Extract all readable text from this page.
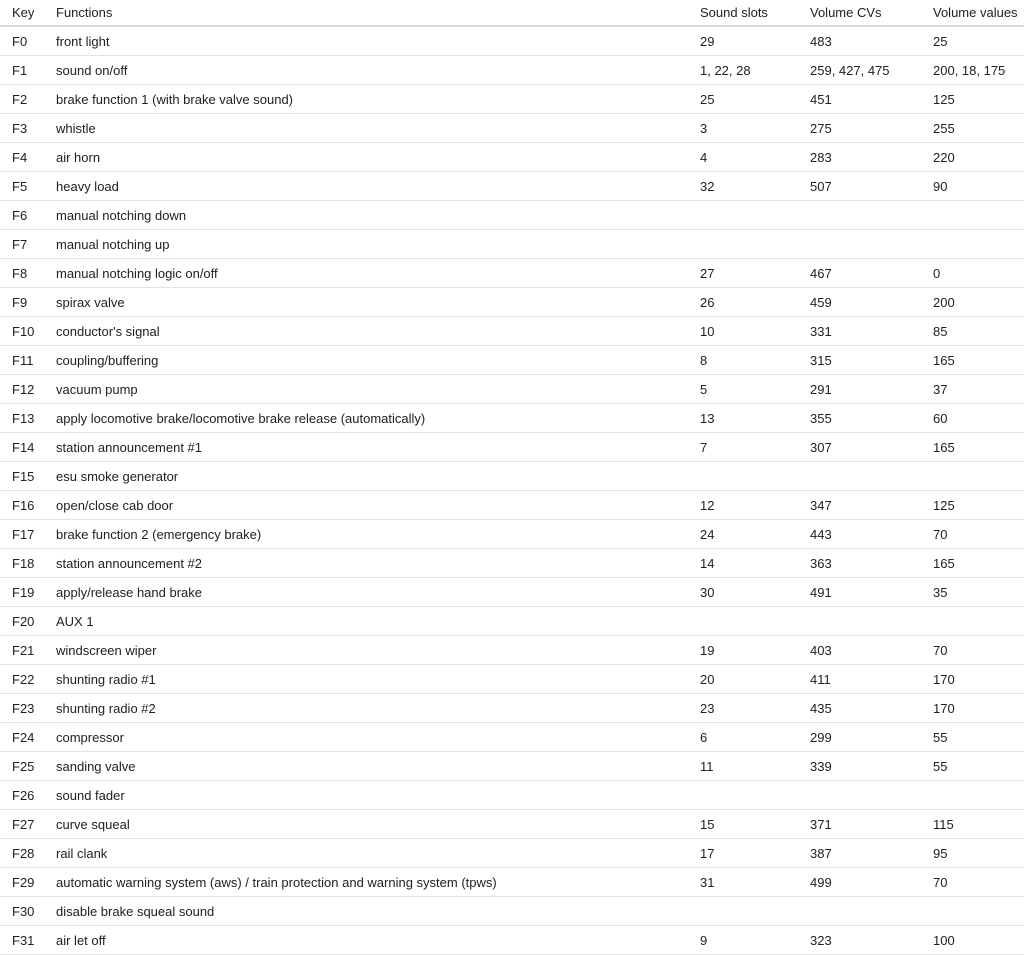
Key	Functions	Sound slots	Volume CVs	Volume values
F0	front light	29	483	25
F1	sound on/off	1, 22, 28	259, 427, 475	200, 18, 175
F2	brake function 1 (with brake valve sound)	25	451	125
F3	whistle	3	275	255
F4	air horn	4	283	220
F5	heavy load	32	507	90
F6	manual notching down			
F7	manual notching up			
F8	manual notching logic on/off	27	467	0
F9	spirax valve	26	459	200
F10	conductor's signal	10	331	85
F11	coupling/buffering	8	315	165
F12	vacuum pump	5	291	37
F13	apply locomotive brake/locomotive brake release (automatically)	13	355	60
F14	station announcement #1	7	307	165
F15	esu smoke generator			
F16	open/close cab door	12	347	125
F17	brake function 2 (emergency brake)	24	443	70
F18	station announcement #2	14	363	165
F19	apply/release hand brake	30	491	35
F20	AUX 1			
F21	windscreen wiper	19	403	70
F22	shunting radio #1	20	411	170
F23	shunting radio #2	23	435	170
F24	compressor	6	299	55
F25	sanding valve	11	339	55
F26	sound fader			
F27	curve squeal	15	371	115
F28	rail clank	17	387	95
F29	automatic warning system (aws) / train protection and warning system (tpws)	31	499	70
F30	disable brake squeal sound			
F31	air let off	9	323	100
